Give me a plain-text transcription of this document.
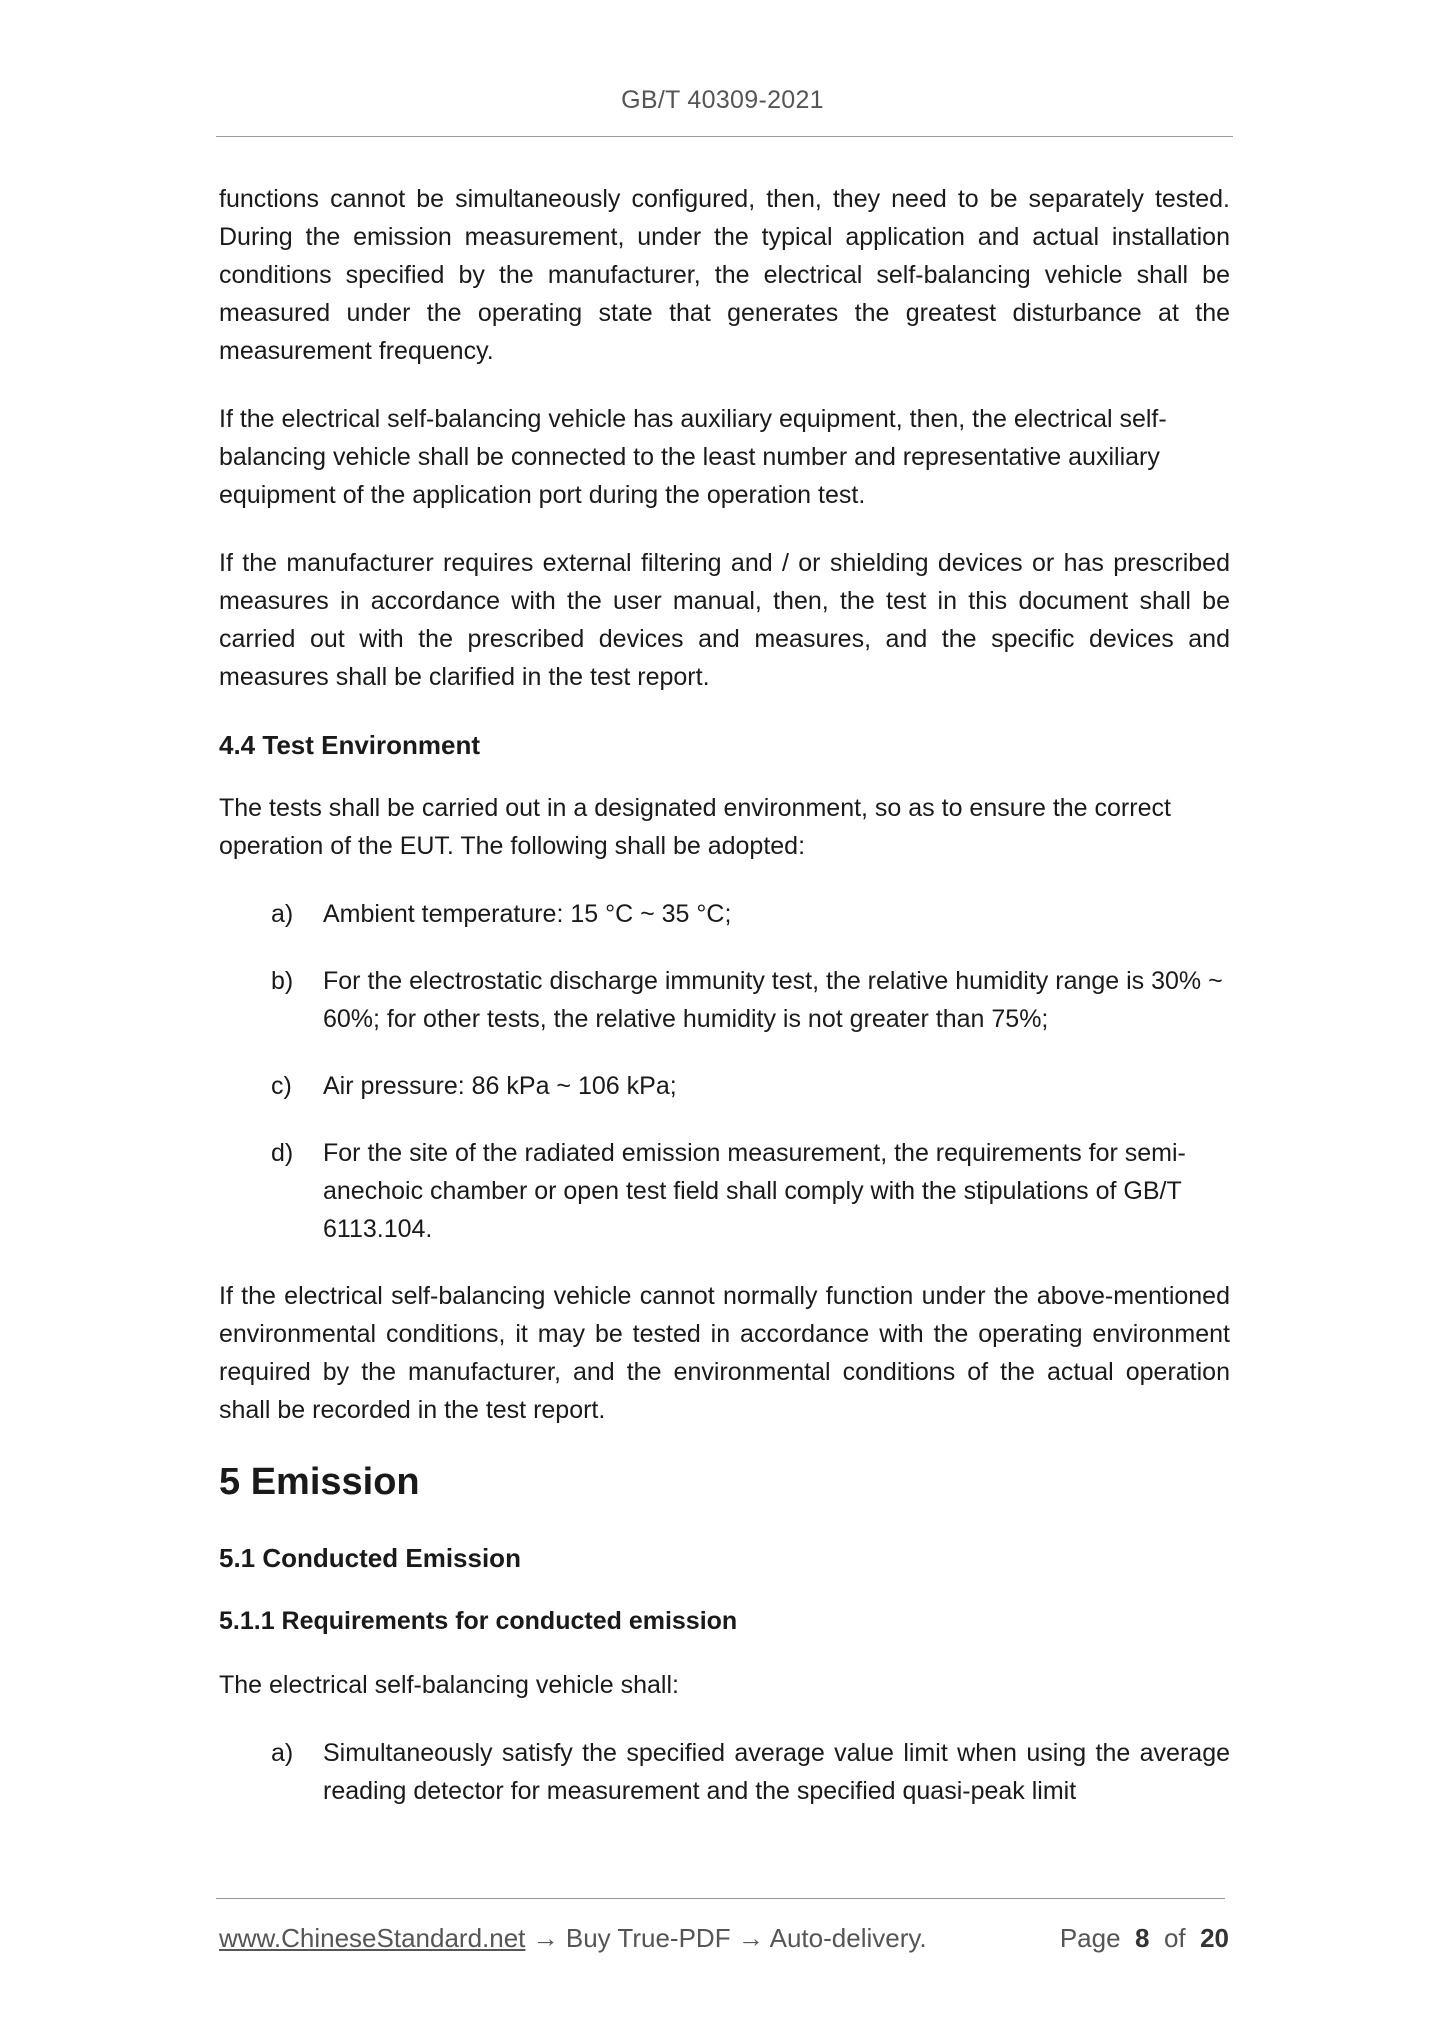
GB/T 40309-2021

functions cannot be simultaneously configured, then, they need to be separately tested. During the emission measurement, under the typical application and actual installation conditions specified by the manufacturer, the electrical self-balancing vehicle shall be measured under the operating state that generates the greatest disturbance at the measurement frequency.

If the electrical self-balancing vehicle has auxiliary equipment, then, the electrical self-balancing vehicle shall be connected to the least number and representative auxiliary equipment of the application port during the operation test.

If the manufacturer requires external filtering and / or shielding devices or has prescribed measures in accordance with the user manual, then, the test in this document shall be carried out with the prescribed devices and measures, and the specific devices and measures shall be clarified in the test report.

4.4 Test Environment

The tests shall be carried out in a designated environment, so as to ensure the correct operation of the EUT. The following shall be adopted:

a) Ambient temperature: 15 °C ~ 35 °C;
b) For the electrostatic discharge immunity test, the relative humidity range is 30% ~ 60%; for other tests, the relative humidity is not greater than 75%;
c) Air pressure: 86 kPa ~ 106 kPa;
d) For the site of the radiated emission measurement, the requirements for semi-anechoic chamber or open test field shall comply with the stipulations of GB/T 6113.104.

If the electrical self-balancing vehicle cannot normally function under the above-mentioned environmental conditions, it may be tested in accordance with the operating environment required by the manufacturer, and the environmental conditions of the actual operation shall be recorded in the test report.

5 Emission
5.1 Conducted Emission
5.1.1 Requirements for conducted emission

The electrical self-balancing vehicle shall:

a) Simultaneously satisfy the specified average value limit when using the average reading detector for measurement and the specified quasi-peak limit
www.ChineseStandard.net → Buy True-PDF → Auto-delivery.	Page 8 of 20
